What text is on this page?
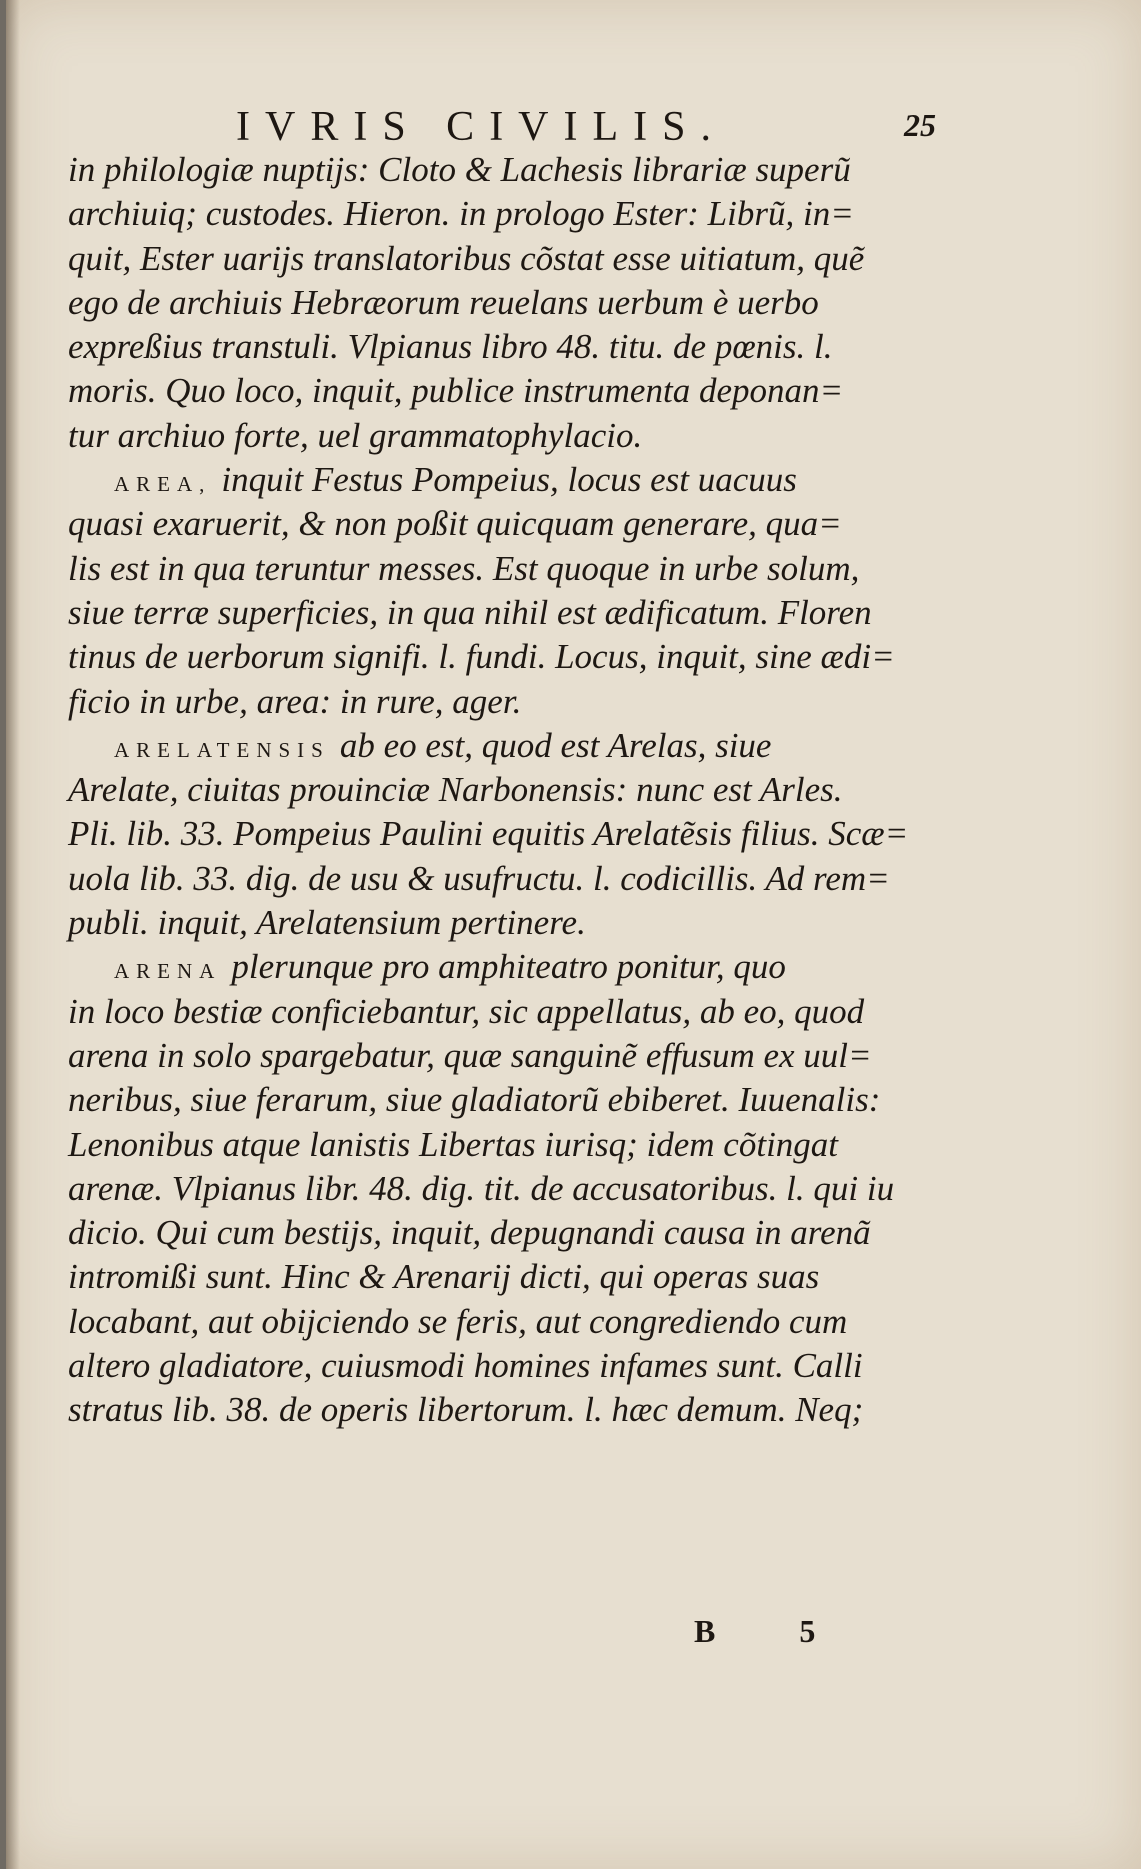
IVRIS CIVILIS.	25
in philologiæ nuptijs: Cloto & Lachesis librariæ superũ
archiuiq; custodes. Hieron. in prologo Ester: Librũ, in=
quit, Ester uarijs translatoribus cõstat esse uitiatum, quẽ
ego de archiuis Hebræorum reuelans uerbum è uerbo
expreßius transtuli. Vlpianus libro 48. titu. de pœnis. l.
moris. Quo loco, inquit, publice instrumenta deponan=
tur archiuo forte, uel grammatophylacio.
AREA, inquit Festus Pompeius, locus est uacuus
quasi exaruerit, & non poßit quicquam generare, qua=
lis est in qua teruntur messes. Est quoque in urbe solum,
siue terræ superficies, in qua nihil est ædificatum. Floren
tinus de uerborum signifi. l. fundi. Locus, inquit, sine ædi=
ficio in urbe, area: in rure, ager.
ARELATENSIS ab eo est, quod est Arelas, siue
Arelate, ciuitas prouinciæ Narbonensis: nunc est Arles.
Pli. lib. 33. Pompeius Paulini equitis Arelatẽsis filius. Scæ=
uola lib. 33. dig. de usu & usufructu. l. codicillis. Ad rem=
publi. inquit, Arelatensium pertinere.
ARENA plerunque pro amphiteatro ponitur, quo
in loco bestiæ conficiebantur, sic appellatus, ab eo, quod
arena in solo spargebatur, quæ sanguinẽ effusum ex uul=
neribus, siue ferarum, siue gladiatorũ ebiberet. Iuuenalis:
Lenonibus atque lanistis Libertas iurisq; idem cõtingat
arenæ. Vlpianus libr. 48. dig. tit. de accusatoribus. l. qui iu
dicio. Qui cum bestijs, inquit, depugnandi causa in arenã
intromißi sunt. Hinc & Arenarij dicti, qui operas suas
locabant, aut obijciendo se feris, aut congrediendo cum
altero gladiatore, cuiusmodi homines infames sunt. Calli
stratus lib. 38. de operis libertorum. l. hæc demum. Neq;
B 5
